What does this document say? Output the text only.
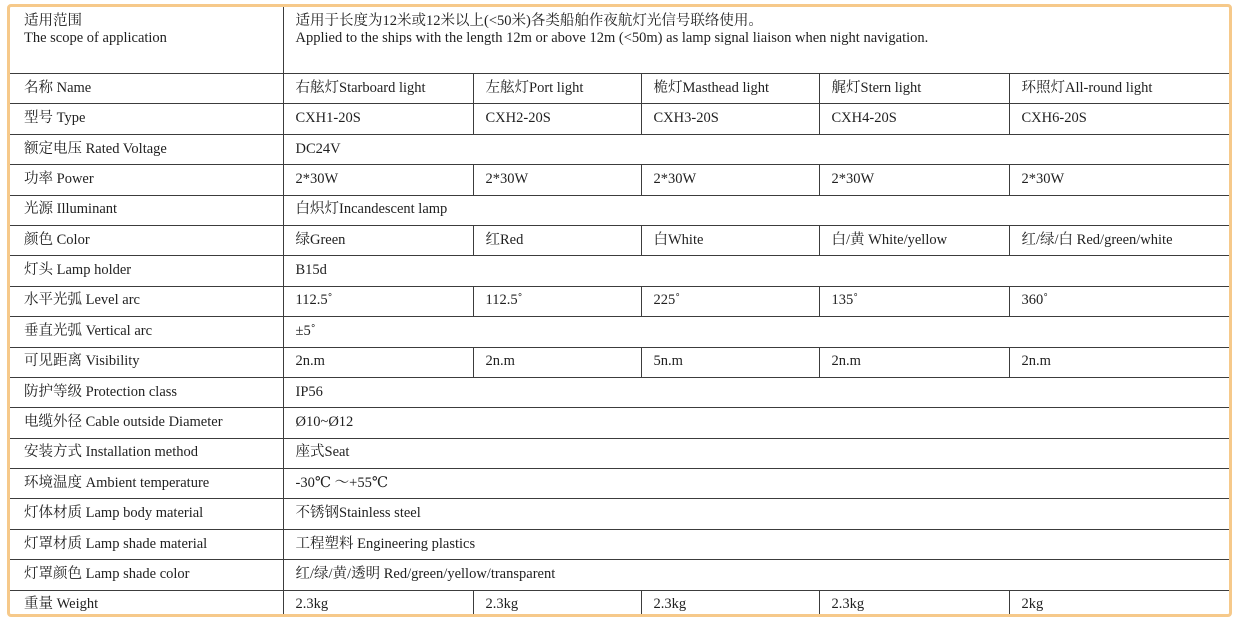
适用范围
The scope of application	适用于长度为12米或12米以上(<50米)各类船舶作夜航灯光信号联络使用。
Applied to the ships with the length 12m or above 12m (<50m) as lamp signal liaison when night navigation.				

名称 Name	右舷灯Starboard light	左舷灯Port light	桅灯Masthead light	艉灯Stern light	环照灯All-round light
型号 Type	CXH1-20S	CXH2-20S	CXH3-20S	CXH4-20S	CXH6-20S
额定电压 Rated Voltage	DC24V				
功率 Power	2*30W	2*30W	2*30W	2*30W	2*30W
光源 Illuminant	白炽灯Incandescent lamp				
颜色 Color	绿Green	红Red	白White	白/黄 White/yellow	红/绿/白 Red/green/white
灯头 Lamp holder	B15d				
水平光弧 Level arc	112.5˚	112.5˚	225˚	135˚	360˚
垂直光弧 Vertical arc	±5˚				
可见距离 Visibility	2n.m	2n.m	5n.m	2n.m	2n.m
防护等级 Protection class	IP56				
电缆外径 Cable outside Diameter	Ø10~Ø12				
安装方式 Installation method	座式Seat				
环境温度 Ambient temperature	-30℃ ～+55℃				
灯体材质 Lamp body material	不锈钢Stainless steel				
灯罩材质 Lamp shade material	工程塑料 Engineering plastics				
灯罩颜色 Lamp shade color	红/绿/黄/透明 Red/green/yellow/transparent				
重量 Weight	2.3kg	2.3kg	2.3kg	2.3kg	2kg
